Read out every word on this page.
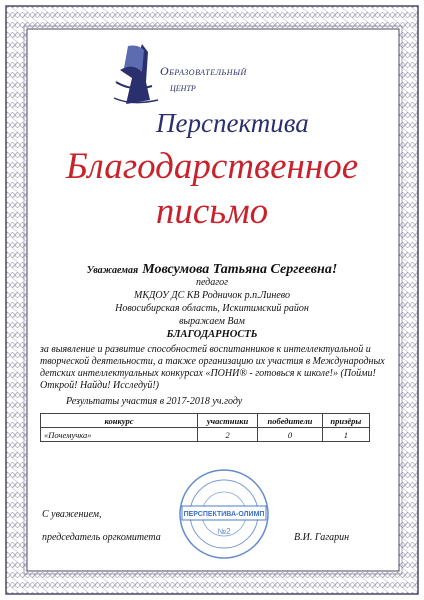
Образовательный
центр
Перспектива
Благодарственное
письмо
Уважаемая Мовсумова Татьяна Сергеевна!
педагог
МКДОУ ДС КВ Родничок р.п.Линево
Новосибирская область, Искитимский район
выражаем Вам
БЛАГОДАРНОСТЬ
за выявление и развитие способностей воспитанников к интеллектуальной и творческой деятельности, а также организацию их участия в Международных детских интеллектуальных конкурсах «ПОНИ® - готовься к школе!» (Пойми! Открой! Найди! Исследуй!)
Результаты участия в 2017-2018 уч.году
конкурс	участники	победители	призёры
«Почемучка»	2	0	1
С уважением,
председатель оргкомитета	В.И. Гагарин
ПЕРСПЕКТИВА-ОЛИМП
№2
